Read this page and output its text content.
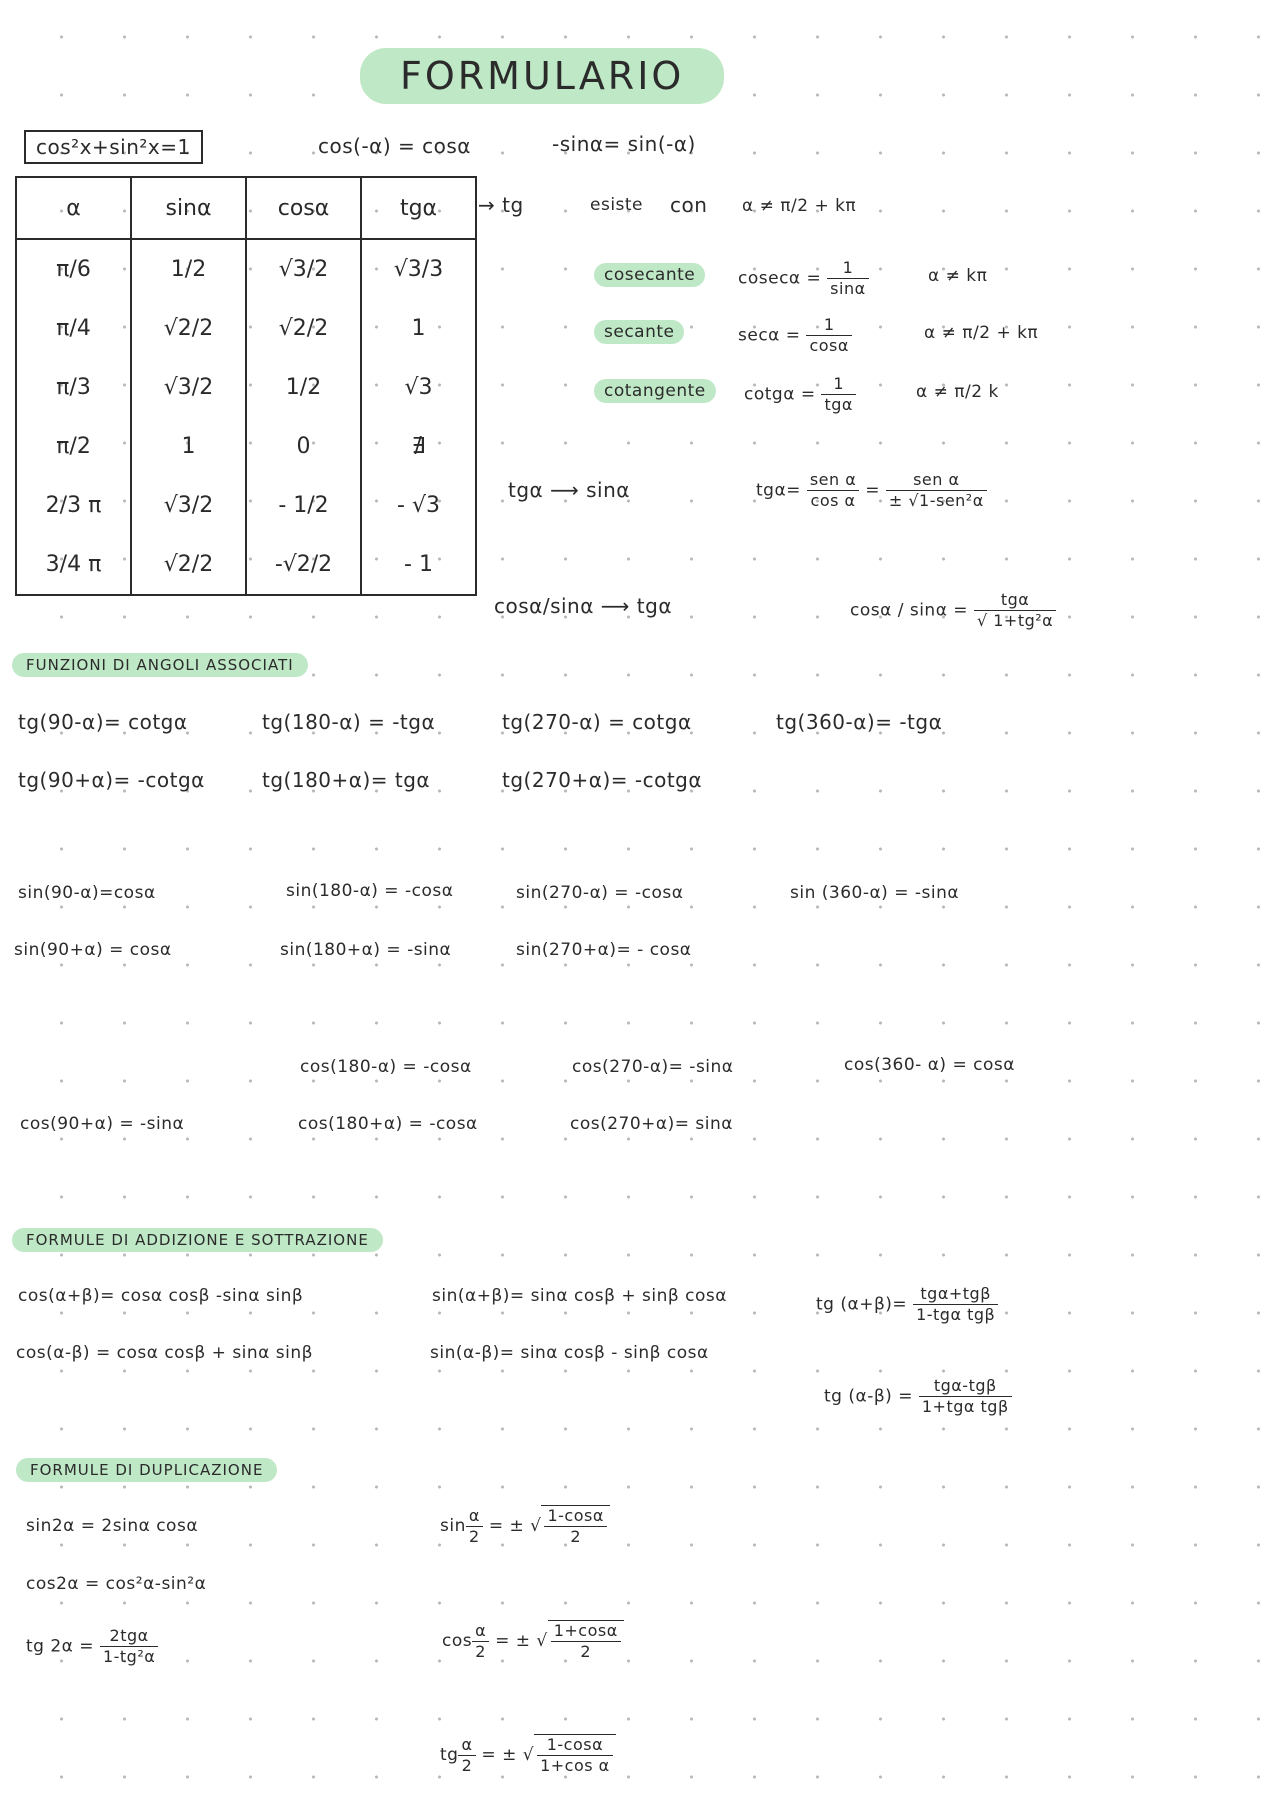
FORMULARIO
cos²x+sin²x=1	cos(-α) = cosα	-sinα= sin(-α)
α	sinα	cosα	tgα
π/6	1/2	√3/2	√3/3
π/4	√2/2	√2/2	1
π/3	√3/2	1/2	√3
π/2	1	0	∄
2/3 π	√3/2	- 1/2	- √3
3/4 π	√2/2	-√2/2	- 1
→ tg	esiste con α ≠ π/2 + kπ
cosecante	$cosec\alpha = \frac{1}{\sin\alpha}$	α ≠ kπ
secante	$\sec\alpha = \frac{1}{\cos\alpha}$	α ≠ π/2 + kπ
cotangente	$\cot g\alpha = \frac{1}{\text{tgα}}$	α ≠ π/2 k
tgα ⟶ sinα	$tg\alpha= \frac{\text{sen α}}{\text{cos α}} = \frac{\text{sen α}}{\text{± √1-sen²α}}$
cosα/sinα ⟶ tgα	$\cos\alpha / \sin\alpha = \frac{\text{tgα}}{\text{√ 1+tg²α}}$
FUNZIONI DI ANGOLI ASSOCIATI
tg(90-α)= cotgα	tg(180-α) = -tgα	tg(270-α) = cotgα	tg(360-α)= -tgα
tg(90+α)= -cotgα	tg(180+α)= tgα	tg(270+α)= -cotgα
sin(90-α)=cosα	sin(180-α) = -cosα	sin(270-α) = -cosα	sin (360-α) = -sinα
sin(90+α) = cosα	sin(180+α) = -sinα	sin(270+α)= - cosα
cos(180-α) = -cosα	cos(270-α)= -sinα	cos(360- α) = cosα
cos(90+α) = -sinα	cos(180+α) = -cosα	cos(270+α)= sinα
FORMULE DI ADDIZIONE E SOTTRAZIONE
cos(α+β)= cosα cosβ -sinα sinβ
cos(α-β) = cosα cosβ + sinα sinβ
sin(α+β)= sinα cosβ + sinβ cosα
sin(α-β)= sinα cosβ - sinβ cosα
tg $(\alpha+\beta)= \frac{\text{tgα+tgβ}}{\text{1-tgα tgβ}}$
tg $(\alpha-\beta) = \frac{\text{tgα-tgβ}}{\text{1+tgα tgβ}}$
FORMULE DI DUPLICAZIONE
sin2α = 2sinα cosα
cos2α = cos²α-sin²α
tg $2\alpha = \frac{\text{2tgα}}{\text{1-tg²α}}$
$\sin \frac{\alpha}{2}$ = ± √ $\frac{1-\cos\alpha}{2}$
$\cos \frac{\alpha}{2}$ = ± √ $\frac{1+\cos\alpha}{2}$
tg $\frac{\alpha}{2}$ = ± √ $\frac{1-\cos\alpha}{\text{1+cos α}}$
